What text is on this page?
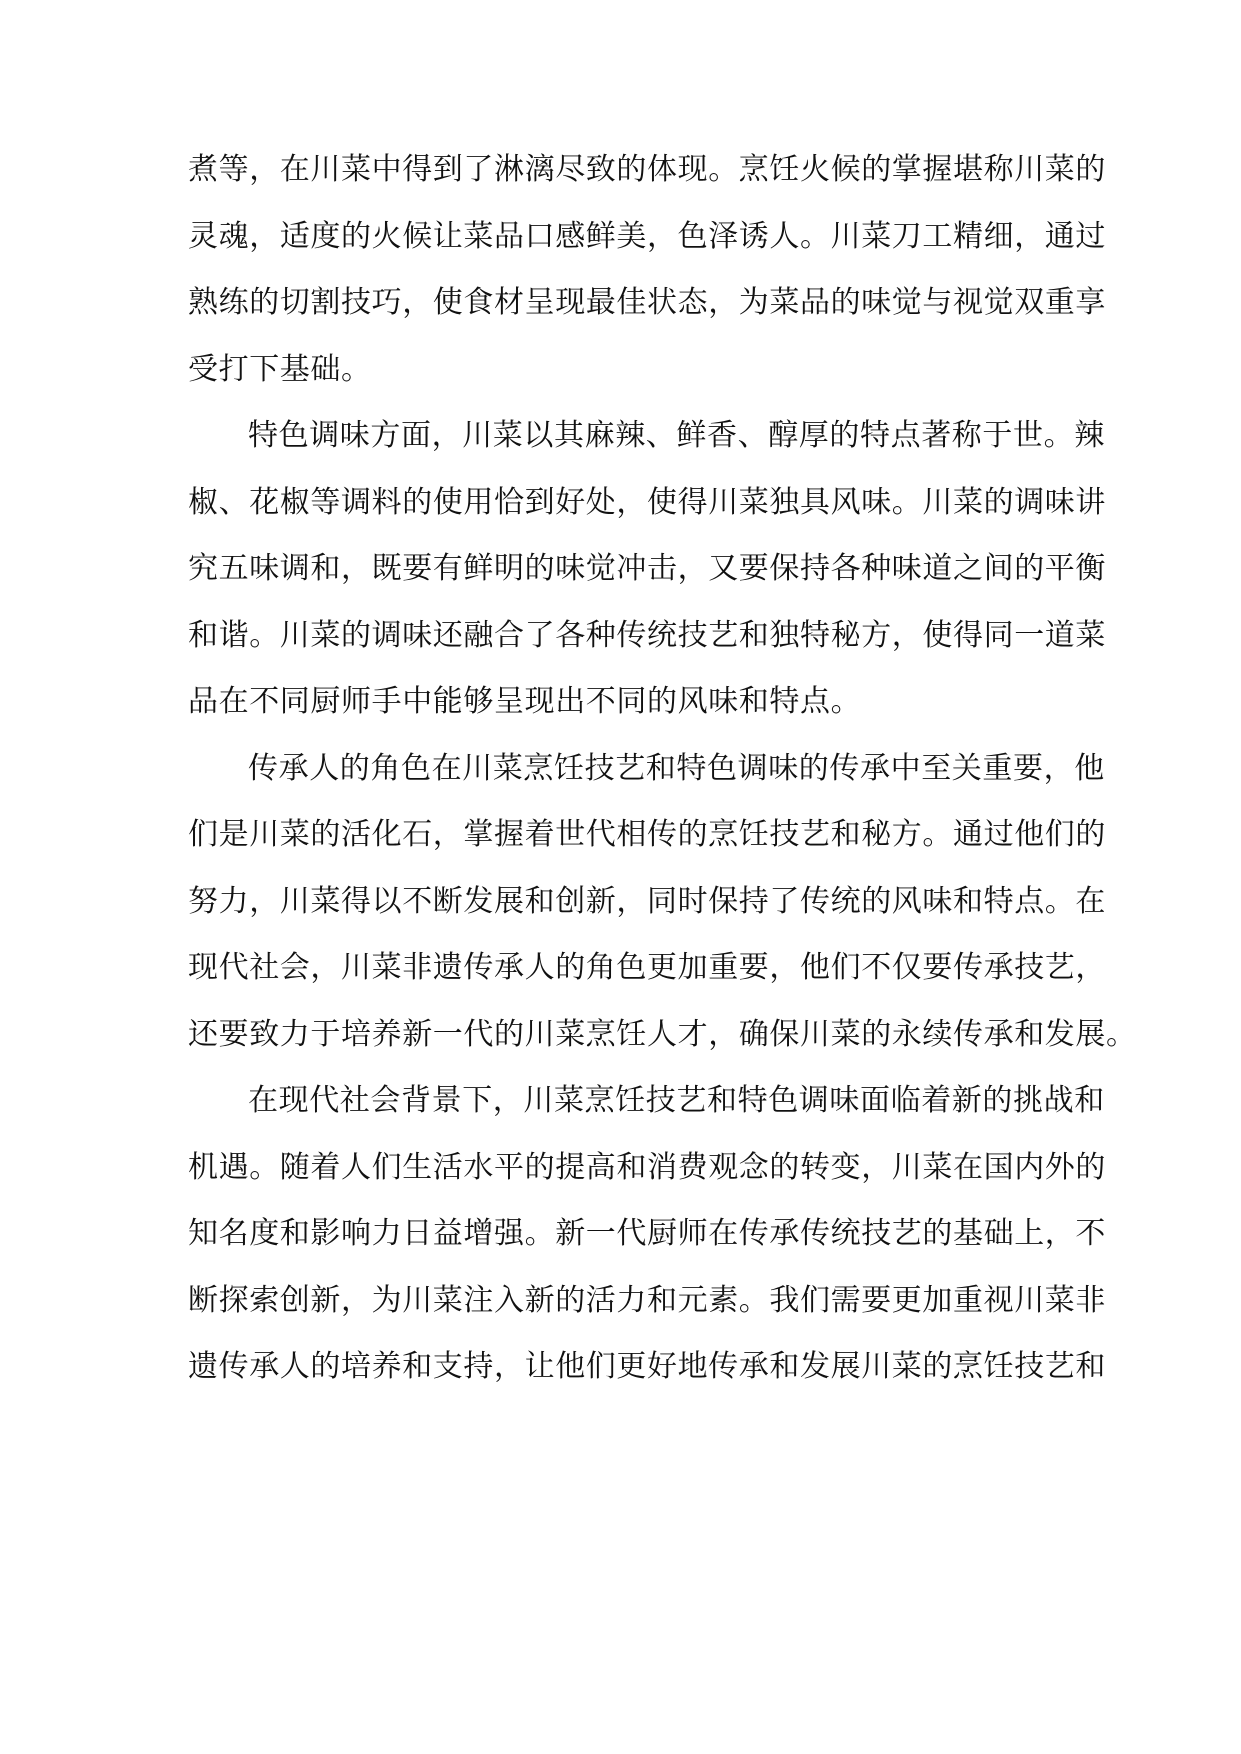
煮等，在川菜中得到了淋漓尽致的体现。烹饪火候的掌握堪称川菜的
灵魂，适度的火候让菜品口感鲜美，色泽诱人。川菜刀工精细，通过
熟练的切割技巧，使食材呈现最佳状态，为菜品的味觉与视觉双重享
受打下基础。
特色调味方面，川菜以其麻辣、鲜香、醇厚的特点著称于世。辣
椒、花椒等调料的使用恰到好处，使得川菜独具风味。川菜的调味讲
究五味调和，既要有鲜明的味觉冲击，又要保持各种味道之间的平衡
和谐。川菜的调味还融合了各种传统技艺和独特秘方，使得同一道菜
品在不同厨师手中能够呈现出不同的风味和特点。
传承人的角色在川菜烹饪技艺和特色调味的传承中至关重要，他
们是川菜的活化石，掌握着世代相传的烹饪技艺和秘方。通过他们的
努力，川菜得以不断发展和创新，同时保持了传统的风味和特点。在
现代社会，川菜非遗传承人的角色更加重要，他们不仅要传承技艺，
还要致力于培养新一代的川菜烹饪人才，确保川菜的永续传承和发展。
在现代社会背景下，川菜烹饪技艺和特色调味面临着新的挑战和
机遇。随着人们生活水平的提高和消费观念的转变，川菜在国内外的
知名度和影响力日益增强。新一代厨师在传承传统技艺的基础上，不
断探索创新，为川菜注入新的活力和元素。我们需要更加重视川菜非
遗传承人的培养和支持，让他们更好地传承和发展川菜的烹饪技艺和
